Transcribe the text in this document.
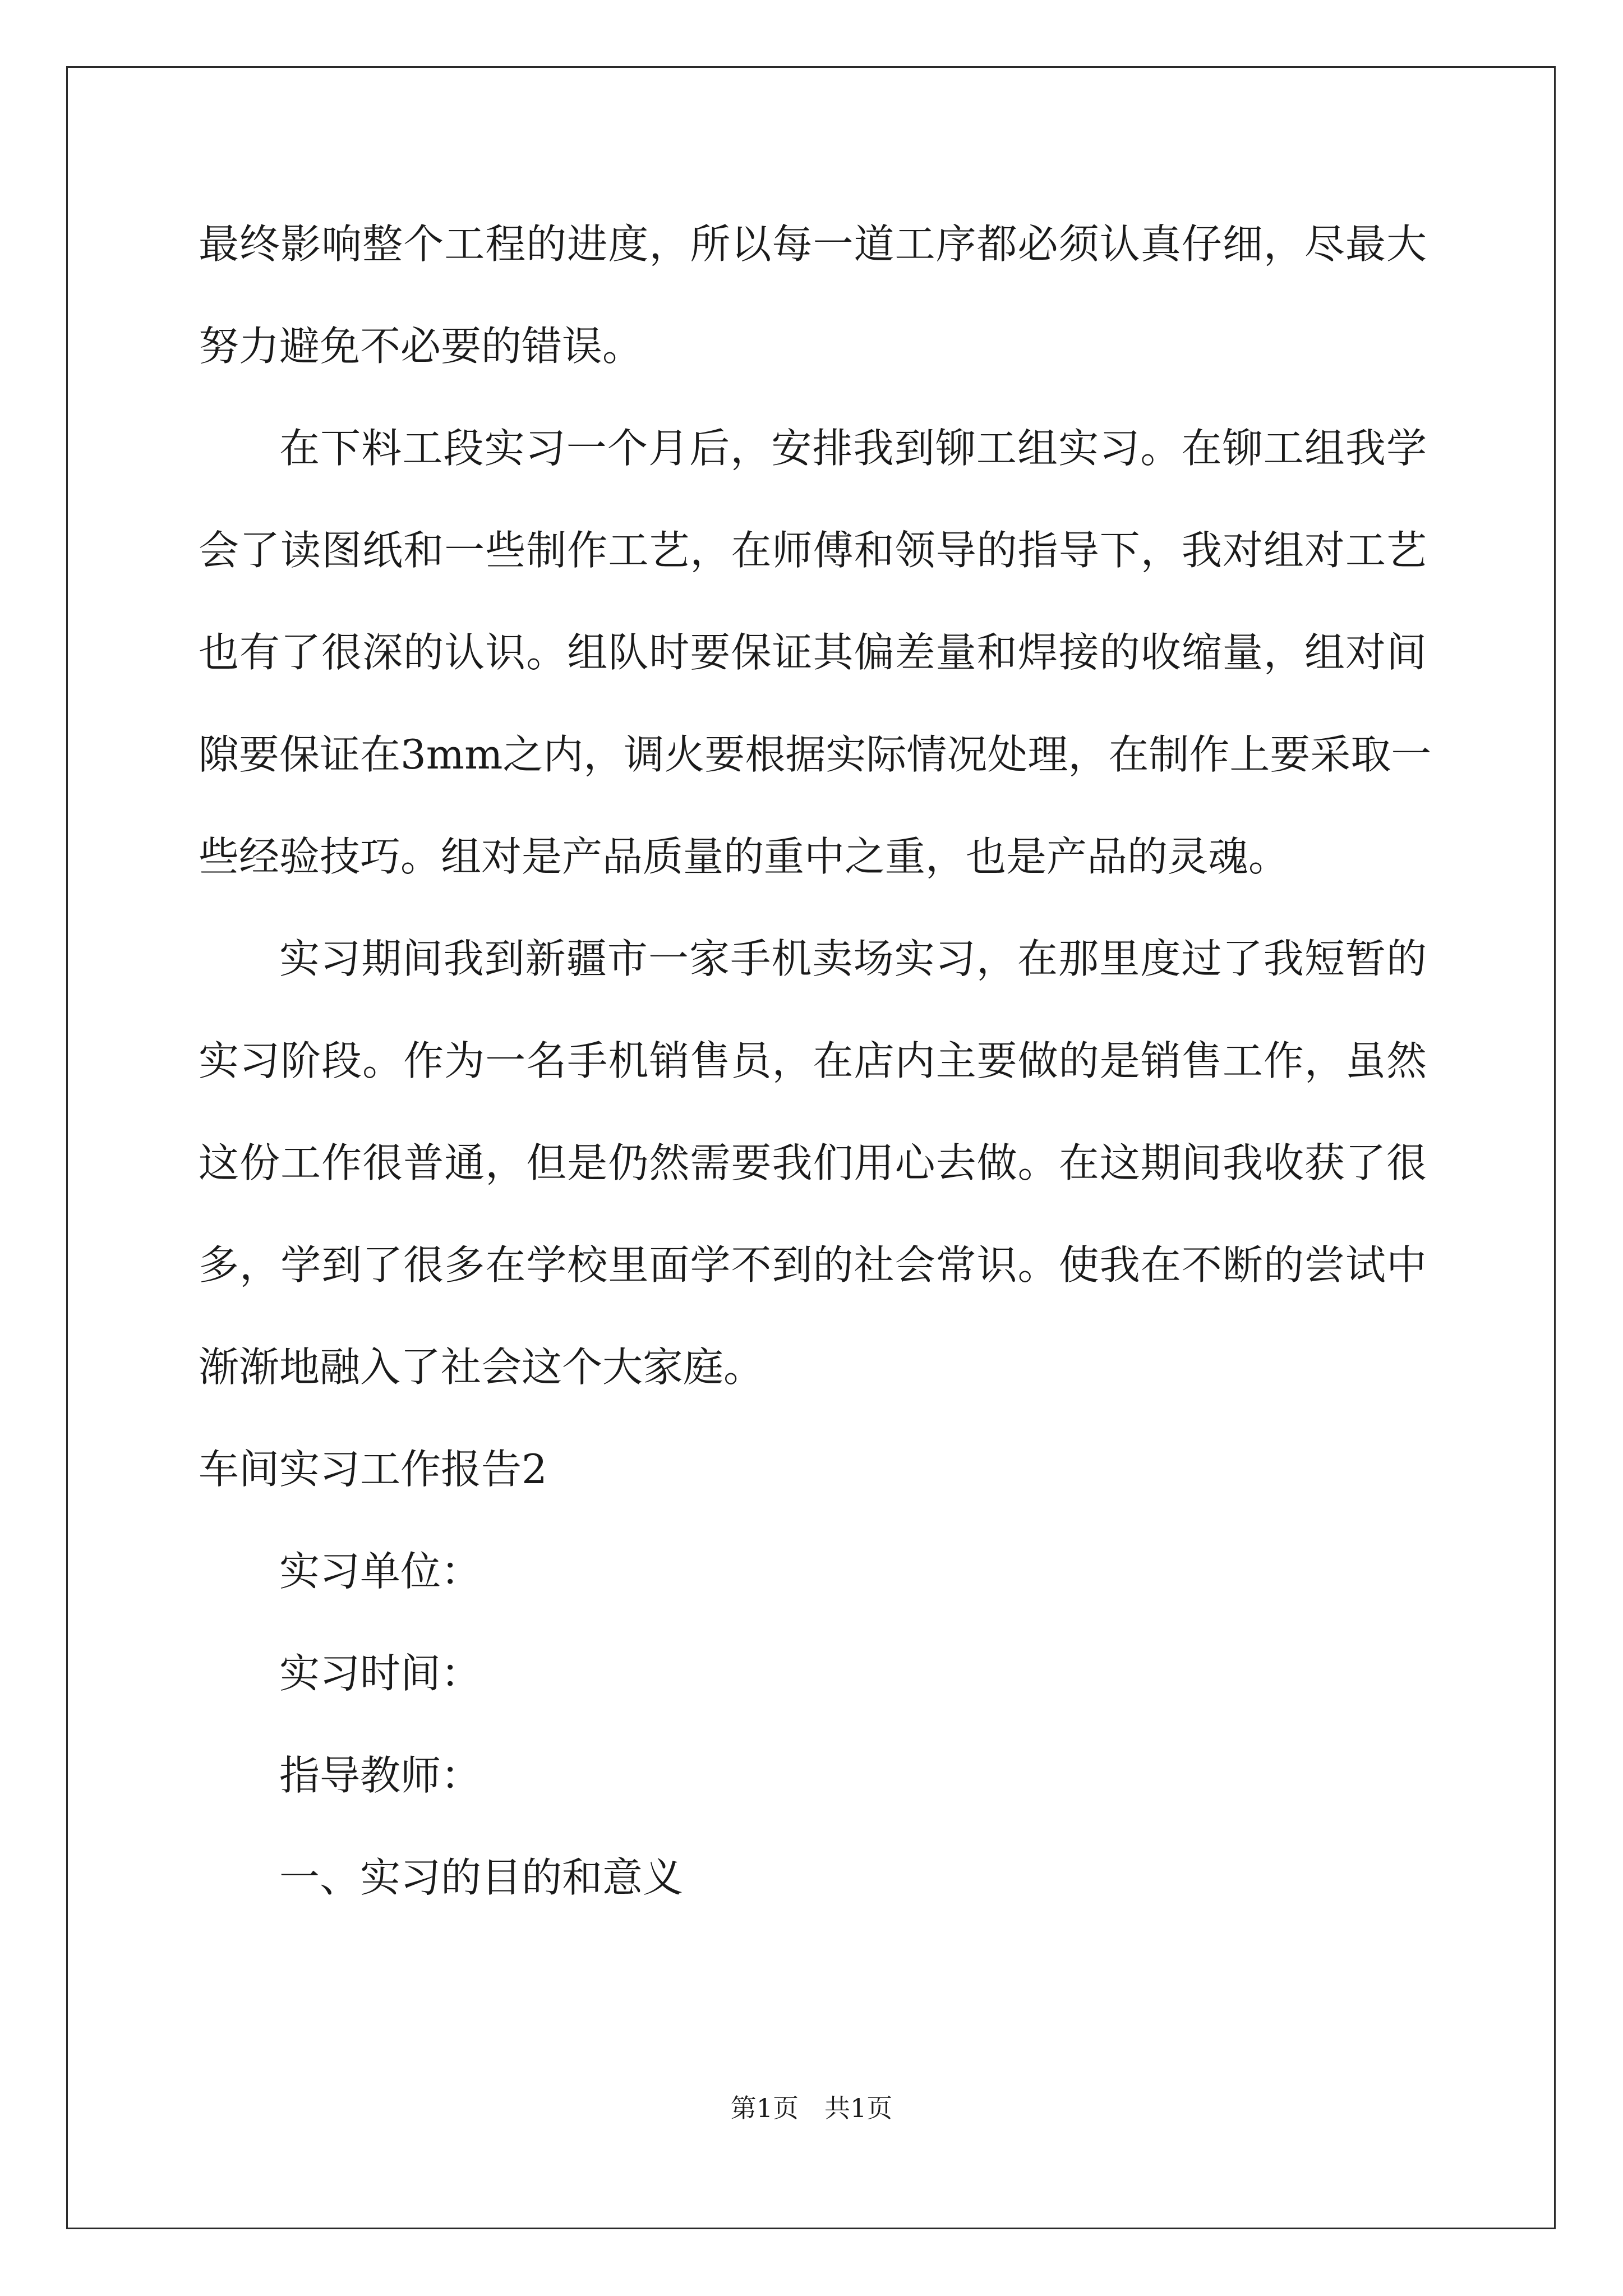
最终影响整个工程的进度，所以每一道工序都必须认真仔细，尽最大
努力避免不必要的错误。
在下料工段实习一个月后，安排我到铆工组实习。在铆工组我学
会了读图纸和一些制作工艺，在师傅和领导的指导下，我对组对工艺
也有了很深的认识。组队时要保证其偏差量和焊接的收缩量，组对间
隙要保证在3mm之内，调火要根据实际情况处理，在制作上要采取一
些经验技巧。组对是产品质量的重中之重，也是产品的灵魂。
实习期间我到新疆市一家手机卖场实习，在那里度过了我短暂的
实习阶段。作为一名手机销售员，在店内主要做的是销售工作，虽然
这份工作很普通，但是仍然需要我们用心去做。在这期间我收获了很
多，学到了很多在学校里面学不到的社会常识。使我在不断的尝试中
渐渐地融入了社会这个大家庭。
车间实习工作报告2
实习单位：
实习时间：
指导教师：
一、实习的目的和意义
第1页　共1页
